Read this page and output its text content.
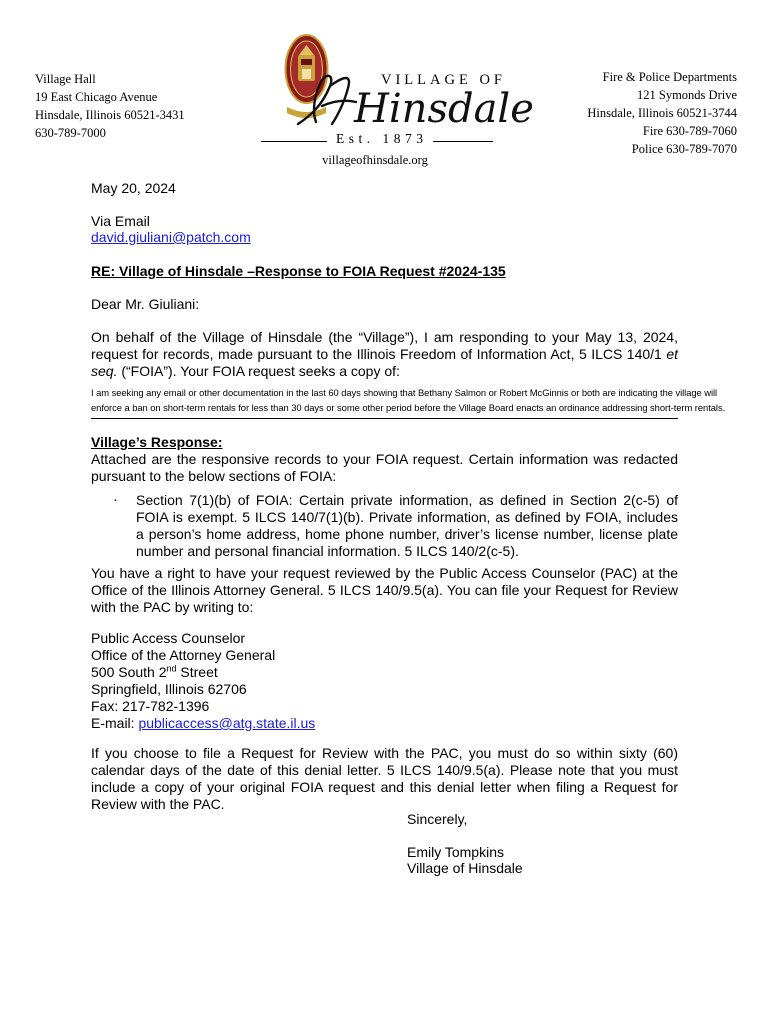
Village Hall
19 East Chicago Avenue
Hinsdale, Illinois 60521-3431
630-789-7000
Fire & Police Departments
121 Symonds Drive
Hinsdale, Illinois 60521-3744
Fire 630-789-7060
Police 630-789-7070
VILLAGE OF
Hinsdale
Est. 1873
villageofhinsdale.org
May 20, 2024
Via Email
david.giuliani@patch.com
RE: Village of Hinsdale –Response to FOIA Request #2024-135
Dear Mr. Giuliani:
On behalf of the Village of Hinsdale (the “Village”), I am responding to your May 13, 2024, request for records, made pursuant to the Illinois Freedom of Information Act, 5 ILCS 140/1 et seq. (“FOIA”). Your FOIA request seeks a copy of:
I am seeking any email or other documentation in the last 60 days showing that Bethany Salmon or Robert McGinnis or both are indicating the village will
enforce a ban on short-term rentals for less than 30 days or some other period before the Village Board enacts an ordinance addressing short-term rentals.
Village’s Response:
Attached are the responsive records to your FOIA request. Certain information was redacted pursuant to the below sections of FOIA:
· Section 7(1)(b) of FOIA: Certain private information, as defined in Section 2(c-5) of FOIA is exempt. 5 ILCS 140/7(1)(b). Private information, as defined by FOIA, includes a person’s home address, home phone number, driver’s license number, license plate number and personal financial information. 5 ILCS 140/2(c-5).
You have a right to have your request reviewed by the Public Access Counselor (PAC) at the Office of the Illinois Attorney General. 5 ILCS 140/9.5(a). You can file your Request for Review with the PAC by writing to:
Public Access Counselor
Office of the Attorney General
500 South 2nd Street
Springfield, Illinois 62706
Fax: 217-782-1396
E-mail: publicaccess@atg.state.il.us
If you choose to file a Request for Review with the PAC, you must do so within sixty (60) calendar days of the date of this denial letter. 5 ILCS 140/9.5(a). Please note that you must include a copy of your original FOIA request and this denial letter when filing a Request for Review with the PAC.
Sincerely,
Emily Tompkins
Village of Hinsdale
